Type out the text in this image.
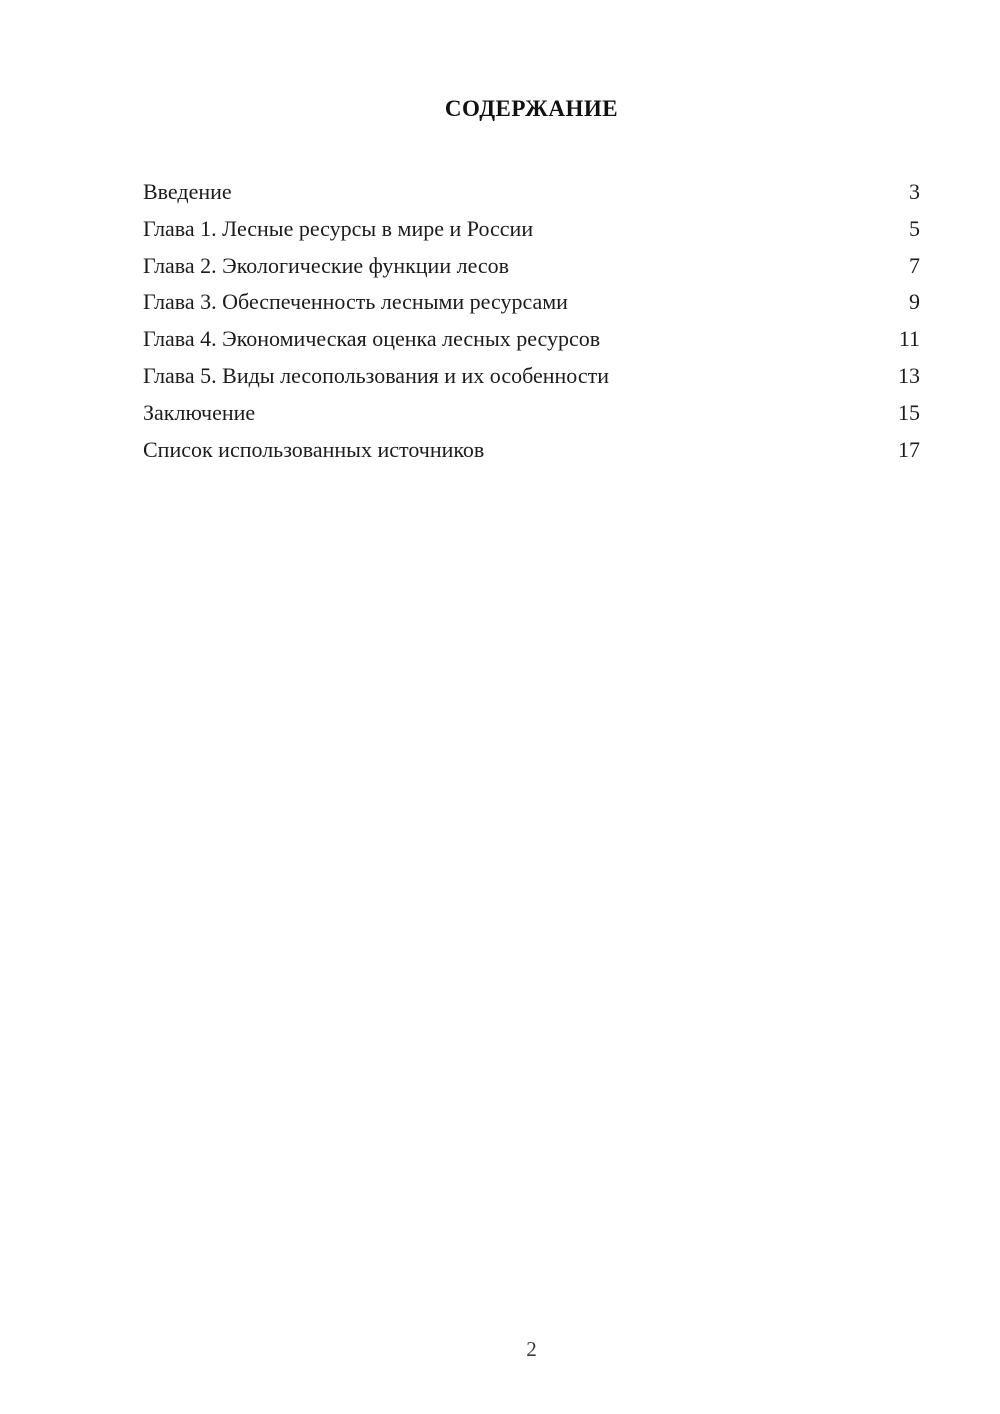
СОДЕРЖАНИЕ
Введение	3
Глава 1. Лесные ресурсы в мире и России	5
Глава 2. Экологические функции лесов	7
Глава 3. Обеспеченность лесными ресурсами	9
Глава 4. Экономическая оценка лесных ресурсов	11
Глава 5. Виды лесопользования и их особенности	13
Заключение	15
Список использованных источников	17
2
